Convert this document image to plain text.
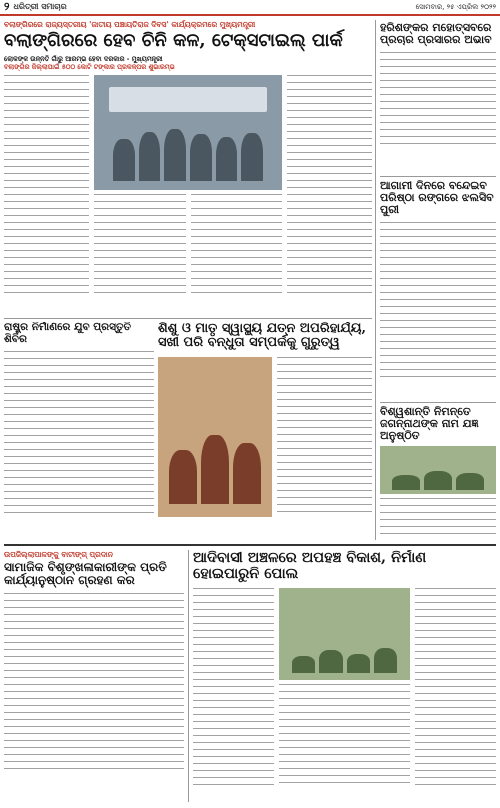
୨ ଧରିତ୍ରୀ ସମାଚାର	ସୋମବାର, ୨୫ ଏପ୍ରିଲ ୨୦୨୨
ବଲାଙ୍ଗିରରେ ରାଜ୍ୟସ୍ତରୀୟ 'ଜାତୀୟ ପଞ୍ଚାୟତିରାଜ ଦିବସ' କାର୍ଯ୍ୟକ୍ରମରେ ମୁଖ୍ୟମନ୍ତ୍ରୀ
ବଲାଙ୍ଗିରରେ ହେବ ଚିନି କଳ, ଟେକ୍ସଟାଇଲ୍ ପାର୍କ
ଲୋକଙ୍କ ଉନ୍ନତି ଗାଁରୁ ଆରମ୍ଭ ହେବା ଦରକାର - ମୁଖ୍ୟମନ୍ତ୍ରୀ
ବଲାଙ୍ଗିର ଜିଲ୍ଲାପାଇଁ ୫୦୦ କୋଟି ଟଙ୍କାର ପ୍ରକଳ୍ପର ଶୁଭାରମ୍ଭ
ହରିଶଙ୍କର ମହୋତ୍ସବରେ ପ୍ରଚାର ପ୍ରସାରର ଅଭାବ
ଆଗାମୀ ଦିନରେ ବନ୍ଦେଇବ ପରିଷ୍ଠା ରଙ୍ଗରେ ଝଲସିବ ପୁରୀ
ବିଶ୍ୱଶାନ୍ତି ନିମନ୍ତେ ଜଗନ୍ନାଥଙ୍କ ନାମ ଯଜ୍ଞ ଅନୁଷ୍ଠିତ
ରାଷ୍ଟ୍ର ନିର୍ମାଣରେ ଯୁବ ପ୍ରସ୍ତୁତି ଶିବିର
ଶିଶୁ ଓ ମାତୃ ସ୍ୱାସ୍ଥ୍ୟ ଯତ୍ନ ଅପରିହାର୍ଯ୍ୟ, ସଖୀ ପରି ବନ୍ଧୁତା ସମ୍ପର୍କକୁ ଗୁରୁତ୍ୱ
ଉପଜିଲ୍ଲାପାଳଙ୍କୁ ବାଟୀଙ୍ଗ୍ ପ୍ରଦାନ
ସାମାଜିକ ବିଶୃଙ୍ଖଳାକାରୀଙ୍କ ପ୍ରତି କାର୍ଯ୍ୟାନୁଷ୍ଠାନ ଗ୍ରହଣ କର
ଆଦିବାସୀ ଅଞ୍ଚଳରେ ଅପହଞ୍ଚ ବିକାଶ, ନିର୍ମାଣ ହୋଇପାରୁନି ପୋଲ
